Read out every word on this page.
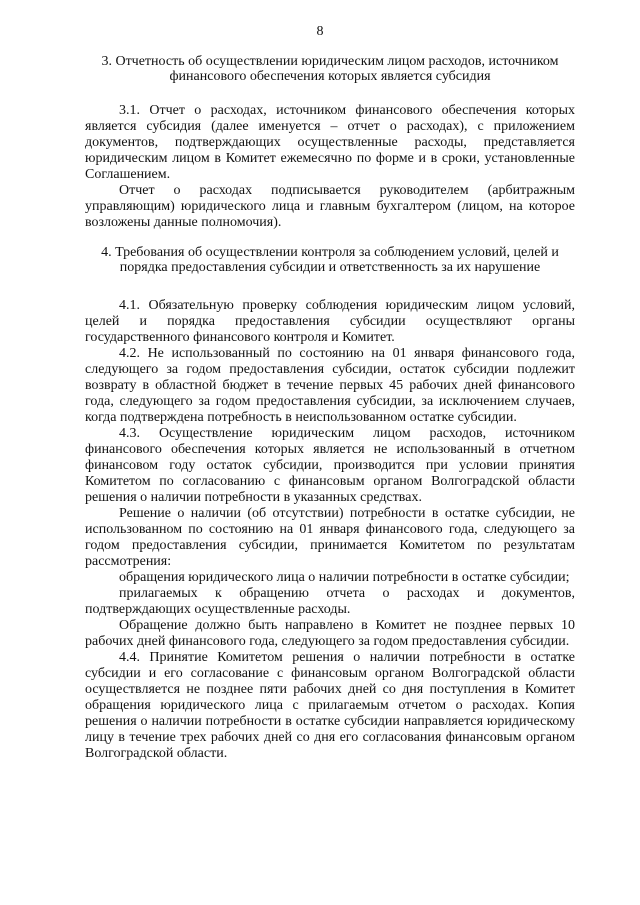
8

3. Отчетность об осуществлении юридическим лицом расходов, источником финансового обеспечения которых является субсидия

3.1. Отчет о расходах, источником финансового обеспечения которых является субсидия (далее именуется – отчет о расходах), с приложением документов, подтверждающих осуществленные расходы, представляется юридическим лицом в Комитет ежемесячно по форме и в сроки, установленные Соглашением.

Отчет о расходах подписывается руководителем (арбитражным управляющим) юридического лица и главным бухгалтером (лицом, на которое возложены данные полномочия).

4. Требования об осуществлении контроля за соблюдением условий, целей и порядка предоставления субсидии и ответственность за их нарушение

4.1. Обязательную проверку соблюдения юридическим лицом условий, целей и порядка предоставления субсидии осуществляют органы государственного финансового контроля и Комитет.

4.2. Не использованный по состоянию на 01 января финансового года, следующего за годом предоставления субсидии, остаток субсидии подлежит возврату в областной бюджет в течение первых 45 рабочих дней финансового года, следующего за годом предоставления субсидии, за исключением случаев, когда подтверждена потребность в неиспользованном остатке субсидии.

4.3. Осуществление юридическим лицом расходов, источником финансового обеспечения которых является не использованный в отчетном финансовом году остаток субсидии, производится при условии принятия Комитетом по согласованию с финансовым органом Волгоградской области решения о наличии потребности в указанных средствах.

Решение о наличии (об отсутствии) потребности в остатке субсидии, не использованном по состоянию на 01 января финансового года, следующего за годом предоставления субсидии, принимается Комитетом по результатам рассмотрения:

обращения юридического лица о наличии потребности в остатке субсидии;

прилагаемых к обращению отчета о расходах и документов, подтверждающих осуществленные расходы.

Обращение должно быть направлено в Комитет не позднее первых 10 рабочих дней финансового года, следующего за годом предоставления субсидии.

4.4. Принятие Комитетом решения о наличии потребности в остатке субсидии и его согласование с финансовым органом Волгоградской области осуществляется не позднее пяти рабочих дней со дня поступления в Комитет обращения юридического лица с прилагаемым отчетом о расходах. Копия решения о наличии потребности в остатке субсидии направляется юридическому лицу в течение трех рабочих дней со дня его согласования финансовым органом Волгоградской области.
